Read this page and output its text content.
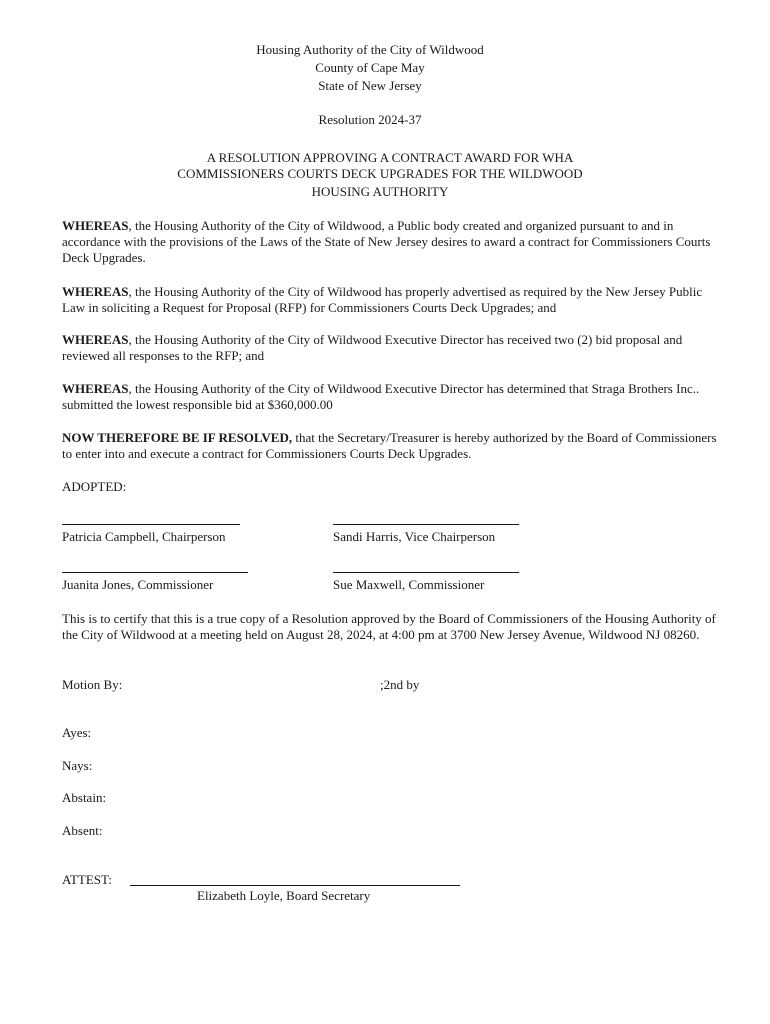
Housing Authority of the City of Wildwood
County of Cape May
State of New Jersey
Resolution 2024-37
A RESOLUTION APPROVING A CONTRACT AWARD FOR WHA
COMMISSIONERS COURTS DECK UPGRADES FOR THE WILDWOOD
HOUSING AUTHORITY
WHEREAS, the Housing Authority of the City of Wildwood, a Public body created and organized pursuant to and in accordance with the provisions of the Laws of the State of New Jersey desires to award a contract for Commissioners Courts Deck Upgrades.
WHEREAS, the Housing Authority of the City of Wildwood has properly advertised as required by the New Jersey Public Law in soliciting a Request for Proposal (RFP) for Commissioners Courts Deck Upgrades; and
WHEREAS, the Housing Authority of the City of Wildwood Executive Director has received two (2) bid proposal and reviewed all responses to the RFP; and
WHEREAS, the Housing Authority of the City of Wildwood Executive Director has determined that Straga Brothers Inc.. submitted the lowest responsible bid at $360,000.00
NOW THEREFORE BE IF RESOLVED, that the Secretary/Treasurer is hereby authorized by the Board of Commissioners to enter into and execute a contract for Commissioners Courts Deck Upgrades.
ADOPTED:
Patricia Campbell, Chairperson	Sandi Harris, Vice Chairperson
Juanita Jones, Commissioner	Sue Maxwell, Commissioner
This is to certify that this is a true copy of a Resolution approved by the Board of Commissioners of the Housing Authority of the City of Wildwood at a meeting held on August 28, 2024, at 4:00 pm at 3700 New Jersey Avenue, Wildwood NJ 08260.
Motion By:	;2nd by
Ayes:
Nays:
Abstain:
Absent:
ATTEST:
Elizabeth Loyle, Board Secretary
